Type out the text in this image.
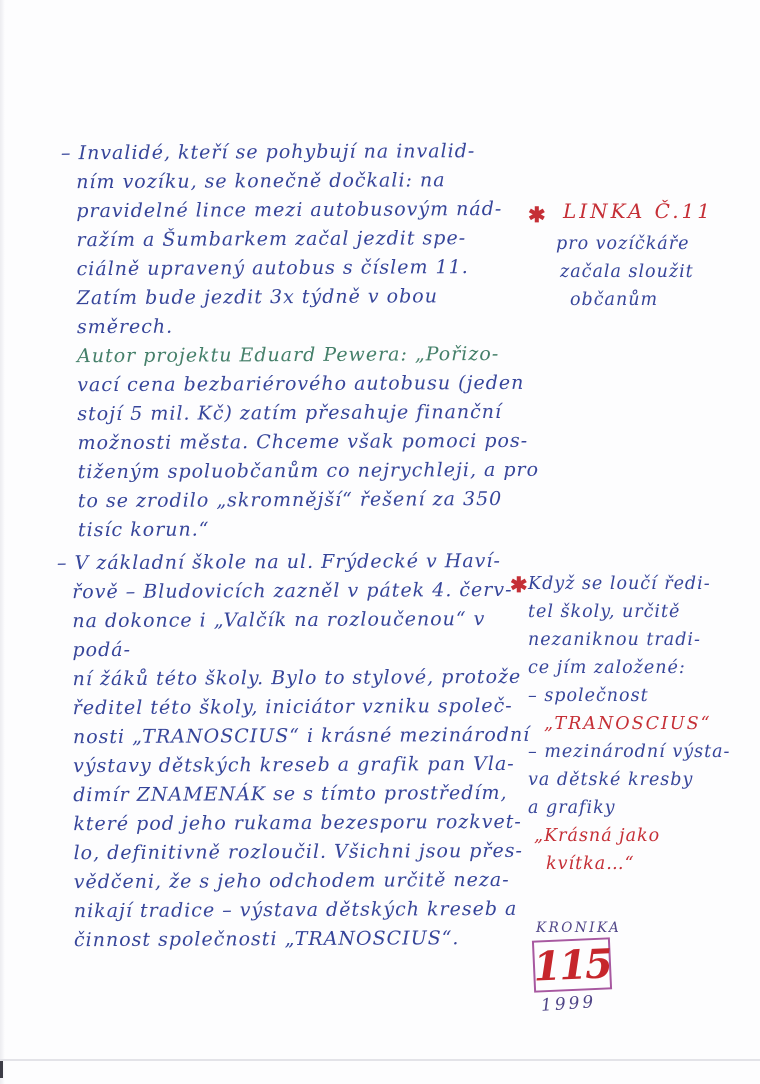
– Invalidé, kteří se pohybují na invalid-
ním vozíku, se konečně dočkali: na
pravidelné lince mezi autobusovým nád-
ražím a Šumbarkem začal jezdit spe-
ciálně upravený autobus s číslem 11.
Zatím bude jezdit 3x týdně v obou směrech.
Autor projektu Eduard Pewera: „Pořizo-
vací cena bezbariérového autobusu (jeden
stojí 5 mil. Kč) zatím přesahuje finanční
možnosti města. Chceme však pomoci pos-
tiženým spoluobčanům co nejrychleji, a pro
to se zrodilo „skromnější“ řešení za 350
tisíc korun.“
✱ LINKA Č.11
pro vozíčkáře
začala sloužit
občanům
– V základní škole na ul. Frýdecké v Haví-
řově – Bludovicích zazněl v pátek 4. červ-
na dokonce i „Valčík na rozloučenou“ v podá-
ní žáků této školy. Bylo to stylové, protože
ředitel této školy, iniciátor vzniku společ-
nosti „TRANOSCIUS“ i krásné mezinárodní
výstavy dětských kreseb a grafik pan Vla-
dimír ZNAMENÁK se s tímto prostředím,
které pod jeho rukama bezesporu rozkvet-
lo, definitivně rozloučil. Všichni jsou přes-
vědčeni, že s jeho odchodem určitě neza-
nikají tradice – výstava dětských kreseb a
činnost společnosti „TRANOSCIUS“.
✱ Když se loučí ředi-
tel školy, určitě
nezaniknou tradi-
ce jím založené:
– společnost
„TRANOSCIUS“
– mezinárodní výsta-
va dětské kresby
a grafiky
„Krásná jako
kvítka…“
KRONIKA
115
1999
